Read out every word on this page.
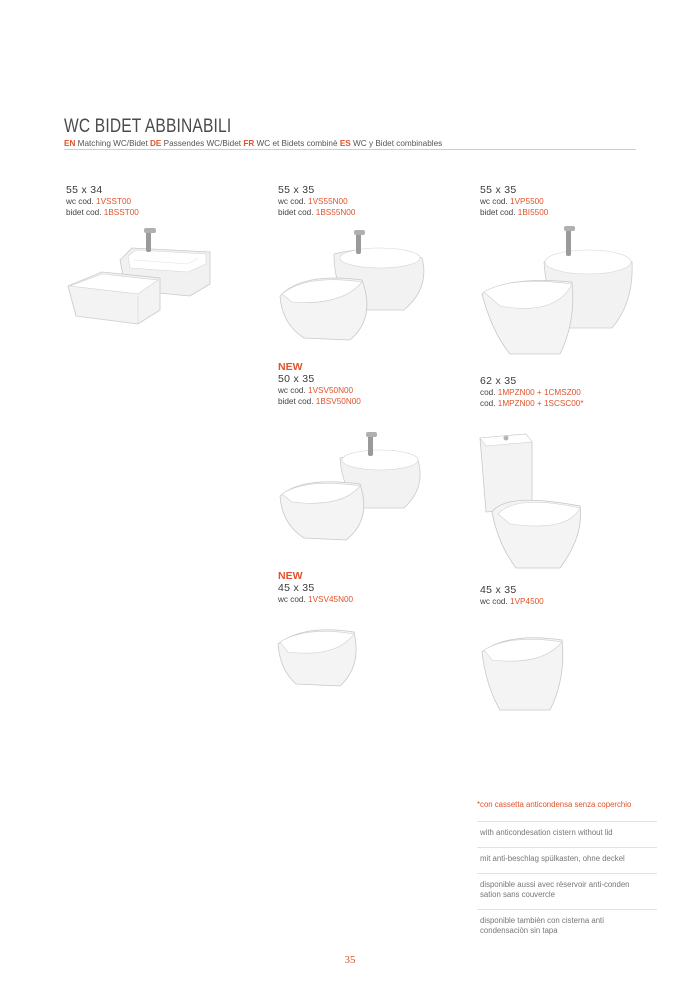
WC BIDET ABBINABILI
EN Matching WC/Bidet DE Passendes WC/Bidet FR WC et Bidets combinè ES WC y Bidet combinables
55 x 34
wc cod. 1VSST00
bidet cod. 1BSST00
55 x 35
wc cod. 1VS55N00
bidet cod. 1BS55N00
55 x 35
wc cod. 1VP5500
bidet cod. 1BI5500
NEW
50 x 35
wc cod. 1VSV50N00
bidet cod. 1BSV50N00
62 x 35
cod. 1MPZN00 + 1CMSZ00
cod. 1MPZN00 + 1SCSC00*
NEW
45 x 35
wc cod. 1VSV45N00
45 x 35
wc cod. 1VP4500

*con cassetta anticondensa senza coperchio

with anticondesation cistern without lid

mit anti-beschlag spülkasten, ohne deckel

disponible aussi avec rèservoir anti-conden
sation sans couvercle

disponible tambièn con cisterna anti
condensaciòn sin tapa

35
